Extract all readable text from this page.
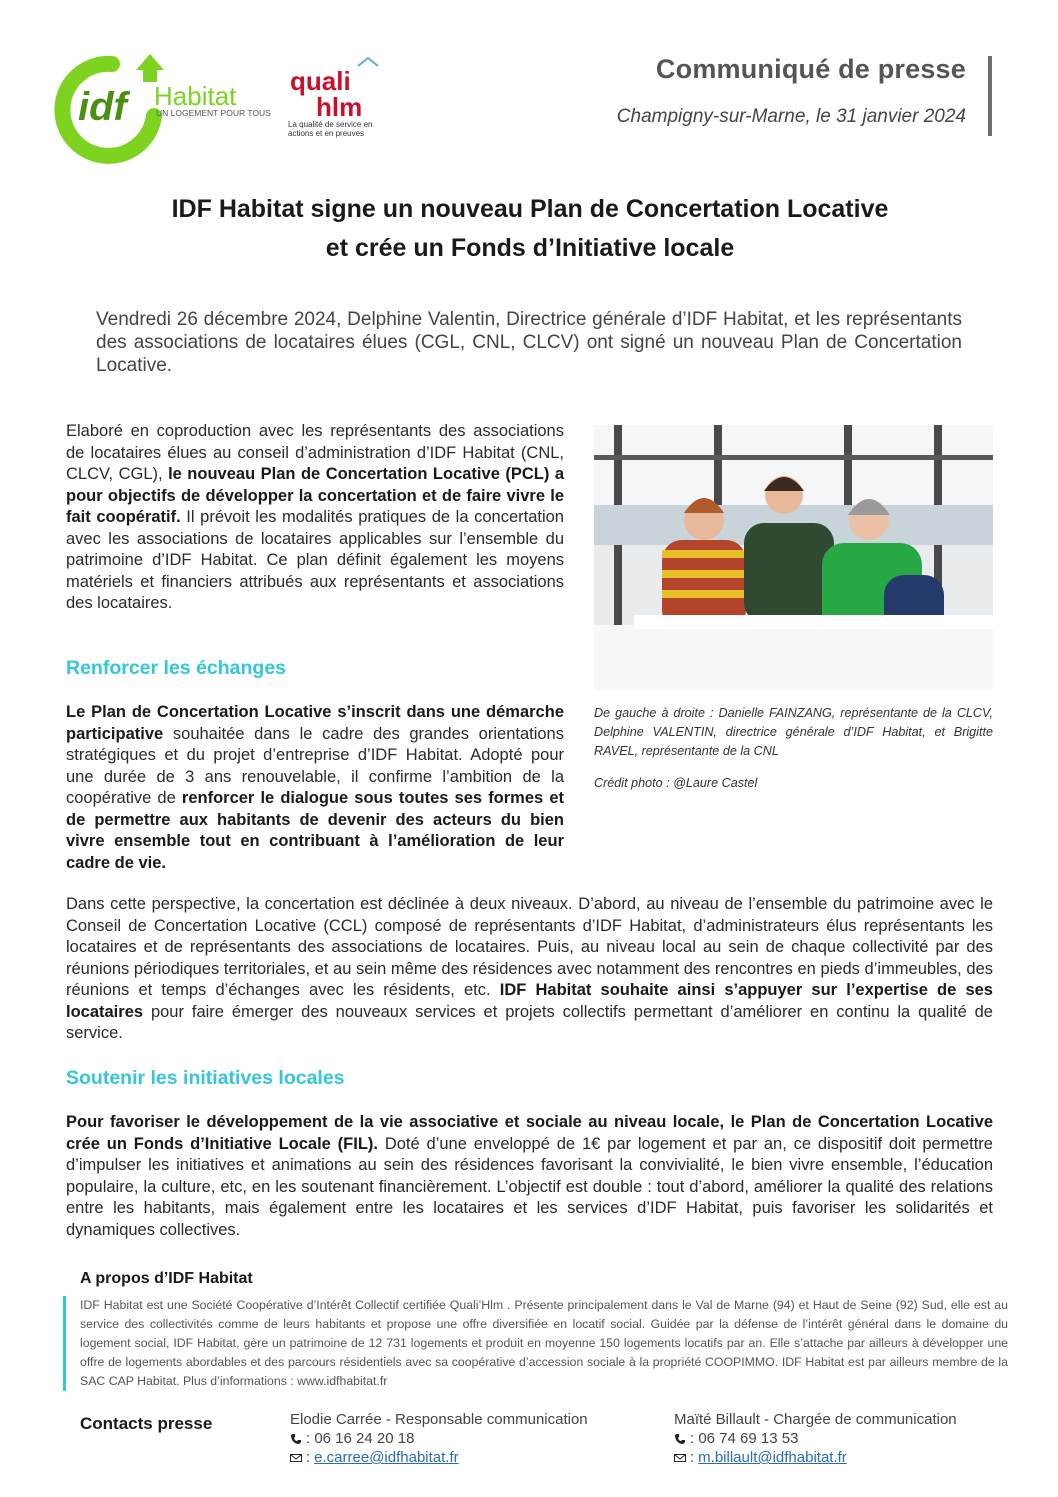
idf Habitat
UN LOGEMENT POUR TOUS
quali
hlm
La qualité de service en actions et en preuves
Communiqué de presse
Champigny-sur-Marne, le 31 janvier 2024
IDF Habitat signe un nouveau Plan de Concertation Locative
et crée un Fonds d’Initiative locale
Vendredi 26 décembre 2024, Delphine Valentin, Directrice générale d’IDF Habitat, et les représentants des associations de locataires élues (CGL, CNL, CLCV) ont signé un nouveau Plan de Concertation Locative.
Elaboré en coproduction avec les représentants des associations de locataires élues au conseil d’administration d’IDF Habitat (CNL, CLCV, CGL), le nouveau Plan de Concertation Locative (PCL) a pour objectifs de développer la concertation et de faire vivre le fait coopératif. Il prévoit les modalités pratiques de la concertation avec les associations de locataires applicables sur l’ensemble du patrimoine d’IDF Habitat. Ce plan définit également les moyens matériels et financiers attribués aux représentants et associations des locataires.
Renforcer les échanges
Le Plan de Concertation Locative s’inscrit dans une démarche participative souhaitée dans le cadre des grandes orientations stratégiques et du projet d’entreprise d’IDF Habitat. Adopté pour une durée de 3 ans renouvelable, il confirme l’ambition de la coopérative de renforcer le dialogue sous toutes ses formes et de permettre aux habitants de devenir des acteurs du bien vivre ensemble tout en contribuant à l’amélioration de leur cadre de vie.
De gauche à droite : Danielle FAINZANG, représentante de la CLCV, Delphine VALENTIN, directrice générale d’IDF Habitat, et Brigitte RAVEL, représentante de la CNL
Crédit photo : @Laure Castel
Dans cette perspective, la concertation est déclinée à deux niveaux. D’abord, au niveau de l’ensemble du patrimoine avec le Conseil de Concertation Locative (CCL) composé de représentants d’IDF Habitat, d’administrateurs élus représentants les locataires et de représentants des associations de locataires. Puis, au niveau local au sein de chaque collectivité par des réunions périodiques territoriales, et au sein même des résidences avec notamment des rencontres en pieds d’immeubles, des réunions et temps d’échanges avec les résidents, etc. IDF Habitat souhaite ainsi s’appuyer sur l’expertise de ses locataires pour faire émerger des nouveaux services et projets collectifs permettant d’améliorer en continu la qualité de service.
Soutenir les initiatives locales
Pour favoriser le développement de la vie associative et sociale au niveau locale, le Plan de Concertation Locative crée un Fonds d’Initiative Locale (FIL). Doté d’une enveloppé de 1€ par logement et par an, ce dispositif doit permettre d’impulser les initiatives et animations au sein des résidences favorisant la convivialité, le bien vivre ensemble, l’éducation populaire, la culture, etc, en les soutenant financièrement. L’objectif est double : tout d’abord, améliorer la qualité des relations entre les habitants, mais également entre les locataires et les services d’IDF Habitat, puis favoriser les solidarités et dynamiques collectives.
A propos d’IDF Habitat
IDF Habitat est une Société Coopérative d’Intérêt Collectif certifiée Quali’Hlm . Présente principalement dans le Val de Marne (94) et Haut de Seine (92) Sud, elle est au service des collectivités comme de leurs habitants et propose une offre diversifiée en locatif social. Guidée par la défense de l’intérêt général dans le domaine du logement social, IDF Habitat, gère un patrimoine de 12 731 logements et produit en moyenne 150 logements locatifs par an. Elle s’attache par ailleurs à développer une offre de logements abordables et des parcours résidentiels avec sa coopérative d’accession sociale à la propriété COOPIMMO. IDF Habitat est par ailleurs membre de la SAC CAP Habitat. Plus d’informations : www.idfhabitat.fr
Contacts presse	Elodie Carrée - Responsable communication
: 06 16 24 20 18
: e.carree@idfhabitat.fr
Maïté Billault - Chargée de communication
: 06 74 69 13 53
: m.billault@idfhabitat.fr
